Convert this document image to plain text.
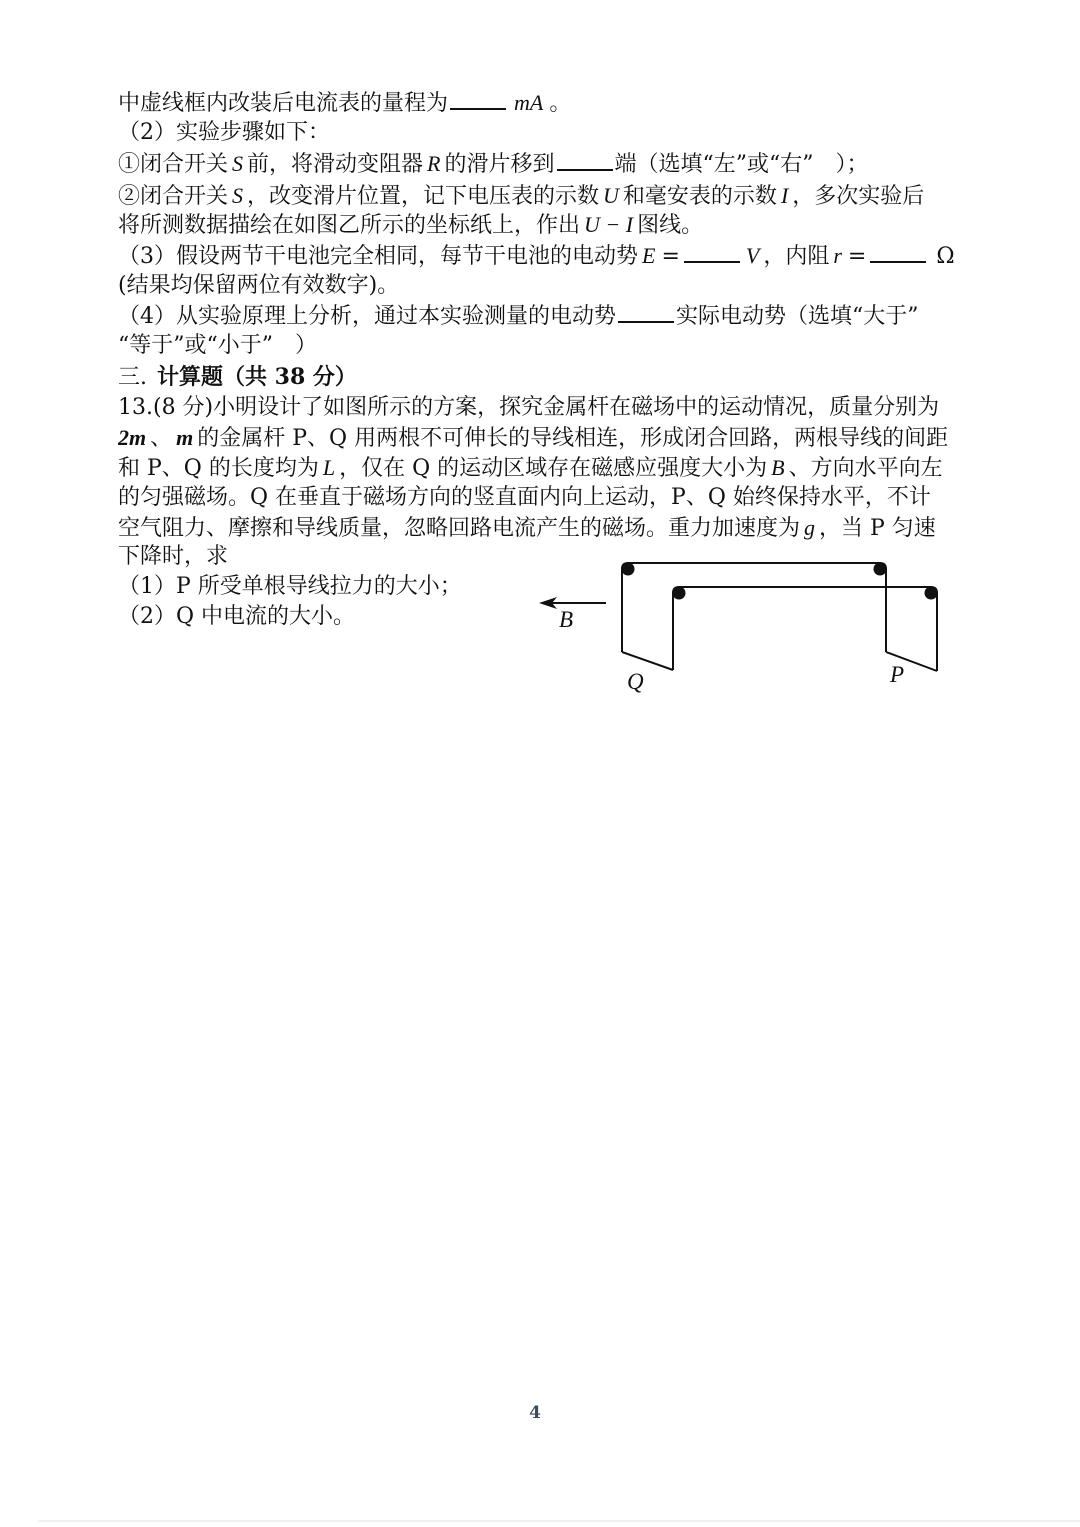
中虚线框内改装后电流表的量程为	mA 。
（2）实验步骤如下：
①闭合开关 S 前，将滑动变阻器 R 的滑片移到	端（选填“左”或“右”　）；
②闭合开关 S ，改变滑片位置，记下电压表的示数 U 和毫安表的示数 I ，多次实验后
将所测数据描绘在如图乙所示的坐标纸上，作出 U − I 图线。
（3）假设两节干电池完全相同，每节干电池的电动势 E =	V ，内阻 r =	Ω
(结果均保留两位有效数字)。
（4）从实验原理上分析，通过本实验测量的电动势	实际电动势（选填“大于”
“等于”或“小于”　）
三. 计算题（共 38 分）
13.(8 分)小明设计了如图所示的方案，探究金属杆在磁场中的运动情况，质量分别为
2m 、 m 的金属杆 P、Q 用两根不可伸长的导线相连，形成闭合回路，两根导线的间距
和 P、Q 的长度均为 L ，仅在 Q 的运动区域存在磁感应强度大小为 B 、方向水平向左
的匀强磁场。Q 在垂直于磁场方向的竖直面内向上运动，P、Q 始终保持水平，不计
空气阻力、摩擦和导线质量，忽略回路电流产生的磁场。重力加速度为 g ，当 P 匀速
下降时，求
（1）P 所受单根导线拉力的大小；
（2）Q 中电流的大小。	B
Q	P
4
